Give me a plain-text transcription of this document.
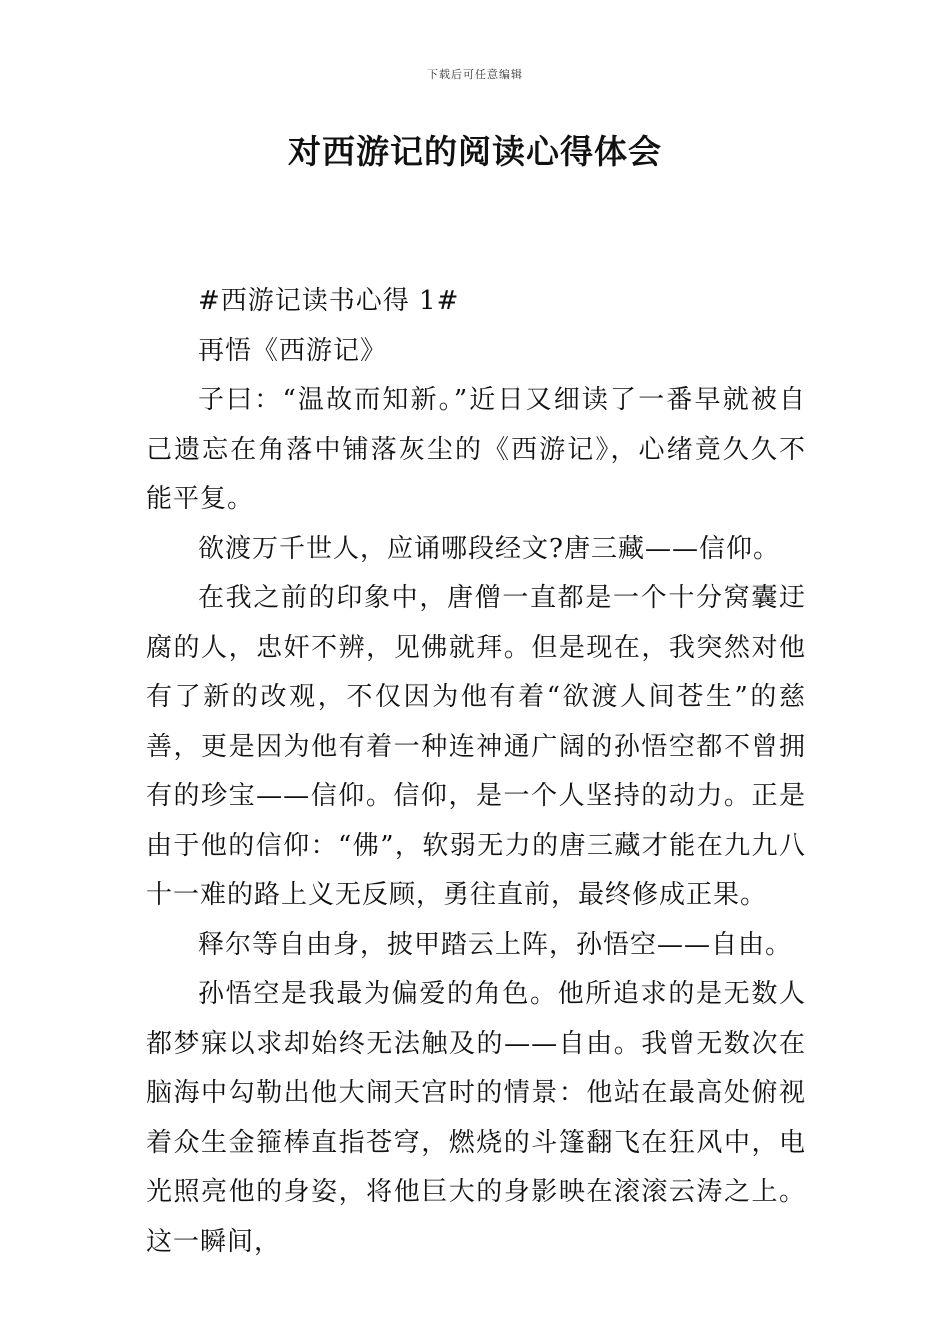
下载后可任意编辑
对西游记的阅读心得体会

#西游记读书心得 1#

再悟《西游记》

子曰：“温故而知新。”近日又细读了一番早就被自己遗忘在角落中铺落灰尘的《西游记》，心绪竟久久不能平复。

欲渡万千世人，应诵哪段经文?唐三藏——信仰。

在我之前的印象中，唐僧一直都是一个十分窝囊迂腐的人，忠奸不辨，见佛就拜。但是现在，我突然对他有了新的改观，不仅因为他有着“欲渡人间苍生”的慈善，更是因为他有着一种连神通广阔的孙悟空都不曾拥有的珍宝——信仰。信仰，是一个人坚持的动力。正是由于他的信仰：“佛”，软弱无力的唐三藏才能在九九八十一难的路上义无反顾，勇往直前，最终修成正果。

释尔等自由身，披甲踏云上阵，孙悟空——自由。

孙悟空是我最为偏爱的角色。他所追求的是无数人都梦寐以求却始终无法触及的——自由。我曾无数次在脑海中勾勒出他大闹天宫时的情景：他站在最高处俯视着众生金箍棒直指苍穹，燃烧的斗篷翻飞在狂风中，电光照亮他的身姿，将他巨大的身影映在滚滚云涛之上。这一瞬间，
